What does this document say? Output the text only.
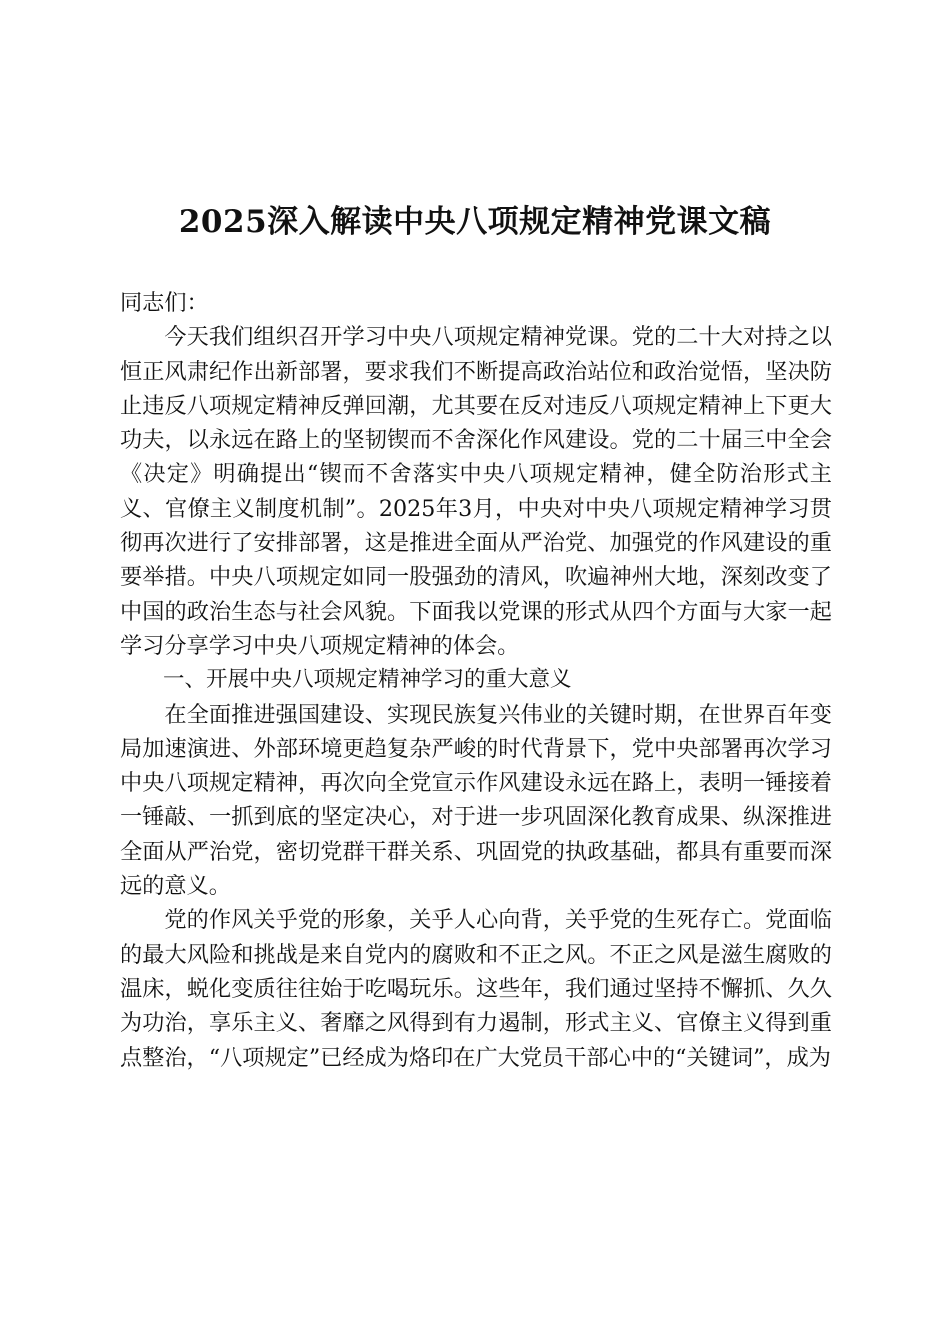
2025深入解读中央八项规定精神党课文稿

同志们：

今天我们组织召开学习中央八项规定精神党课。党的二十大对持之以恒正风肃纪作出新部署，要求我们不断提高政治站位和政治觉悟，坚决防止违反八项规定精神反弹回潮，尤其要在反对违反八项规定精神上下更大功夫，以永远在路上的坚韧锲而不舍深化作风建设。党的二十届三中全会《决定》明确提出“锲而不舍落实中央八项规定精神，健全防治形式主义、官僚主义制度机制”。2025年3月，中央对中央八项规定精神学习贯彻再次进行了安排部署，这是推进全面从严治党、加强党的作风建设的重要举措。中央八项规定如同一股强劲的清风，吹遍神州大地，深刻改变了中国的政治生态与社会风貌。下面我以党课的形式从四个方面与大家一起学习分享学习中央八项规定精神的体会。

一、开展中央八项规定精神学习的重大意义

在全面推进强国建设、实现民族复兴伟业的关键时期，在世界百年变局加速演进、外部环境更趋复杂严峻的时代背景下，党中央部署再次学习中央八项规定精神，再次向全党宣示作风建设永远在路上，表明一锤接着一锤敲、一抓到底的坚定决心，对于进一步巩固深化教育成果、纵深推进全面从严治党，密切党群干群关系、巩固党的执政基础，都具有重要而深远的意义。

党的作风关乎党的形象，关乎人心向背，关乎党的生死存亡。党面临的最大风险和挑战是来自党内的腐败和不正之风。不正之风是滋生腐败的温床，蜕化变质往往始于吃喝玩乐。这些年，我们通过坚持不懈抓、久久为功治，享乐主义、奢靡之风得到有力遏制，形式主义、官僚主义得到重点整治，“八项规定”已经成为烙印在广大党员干部心中的“关键词”，成为
